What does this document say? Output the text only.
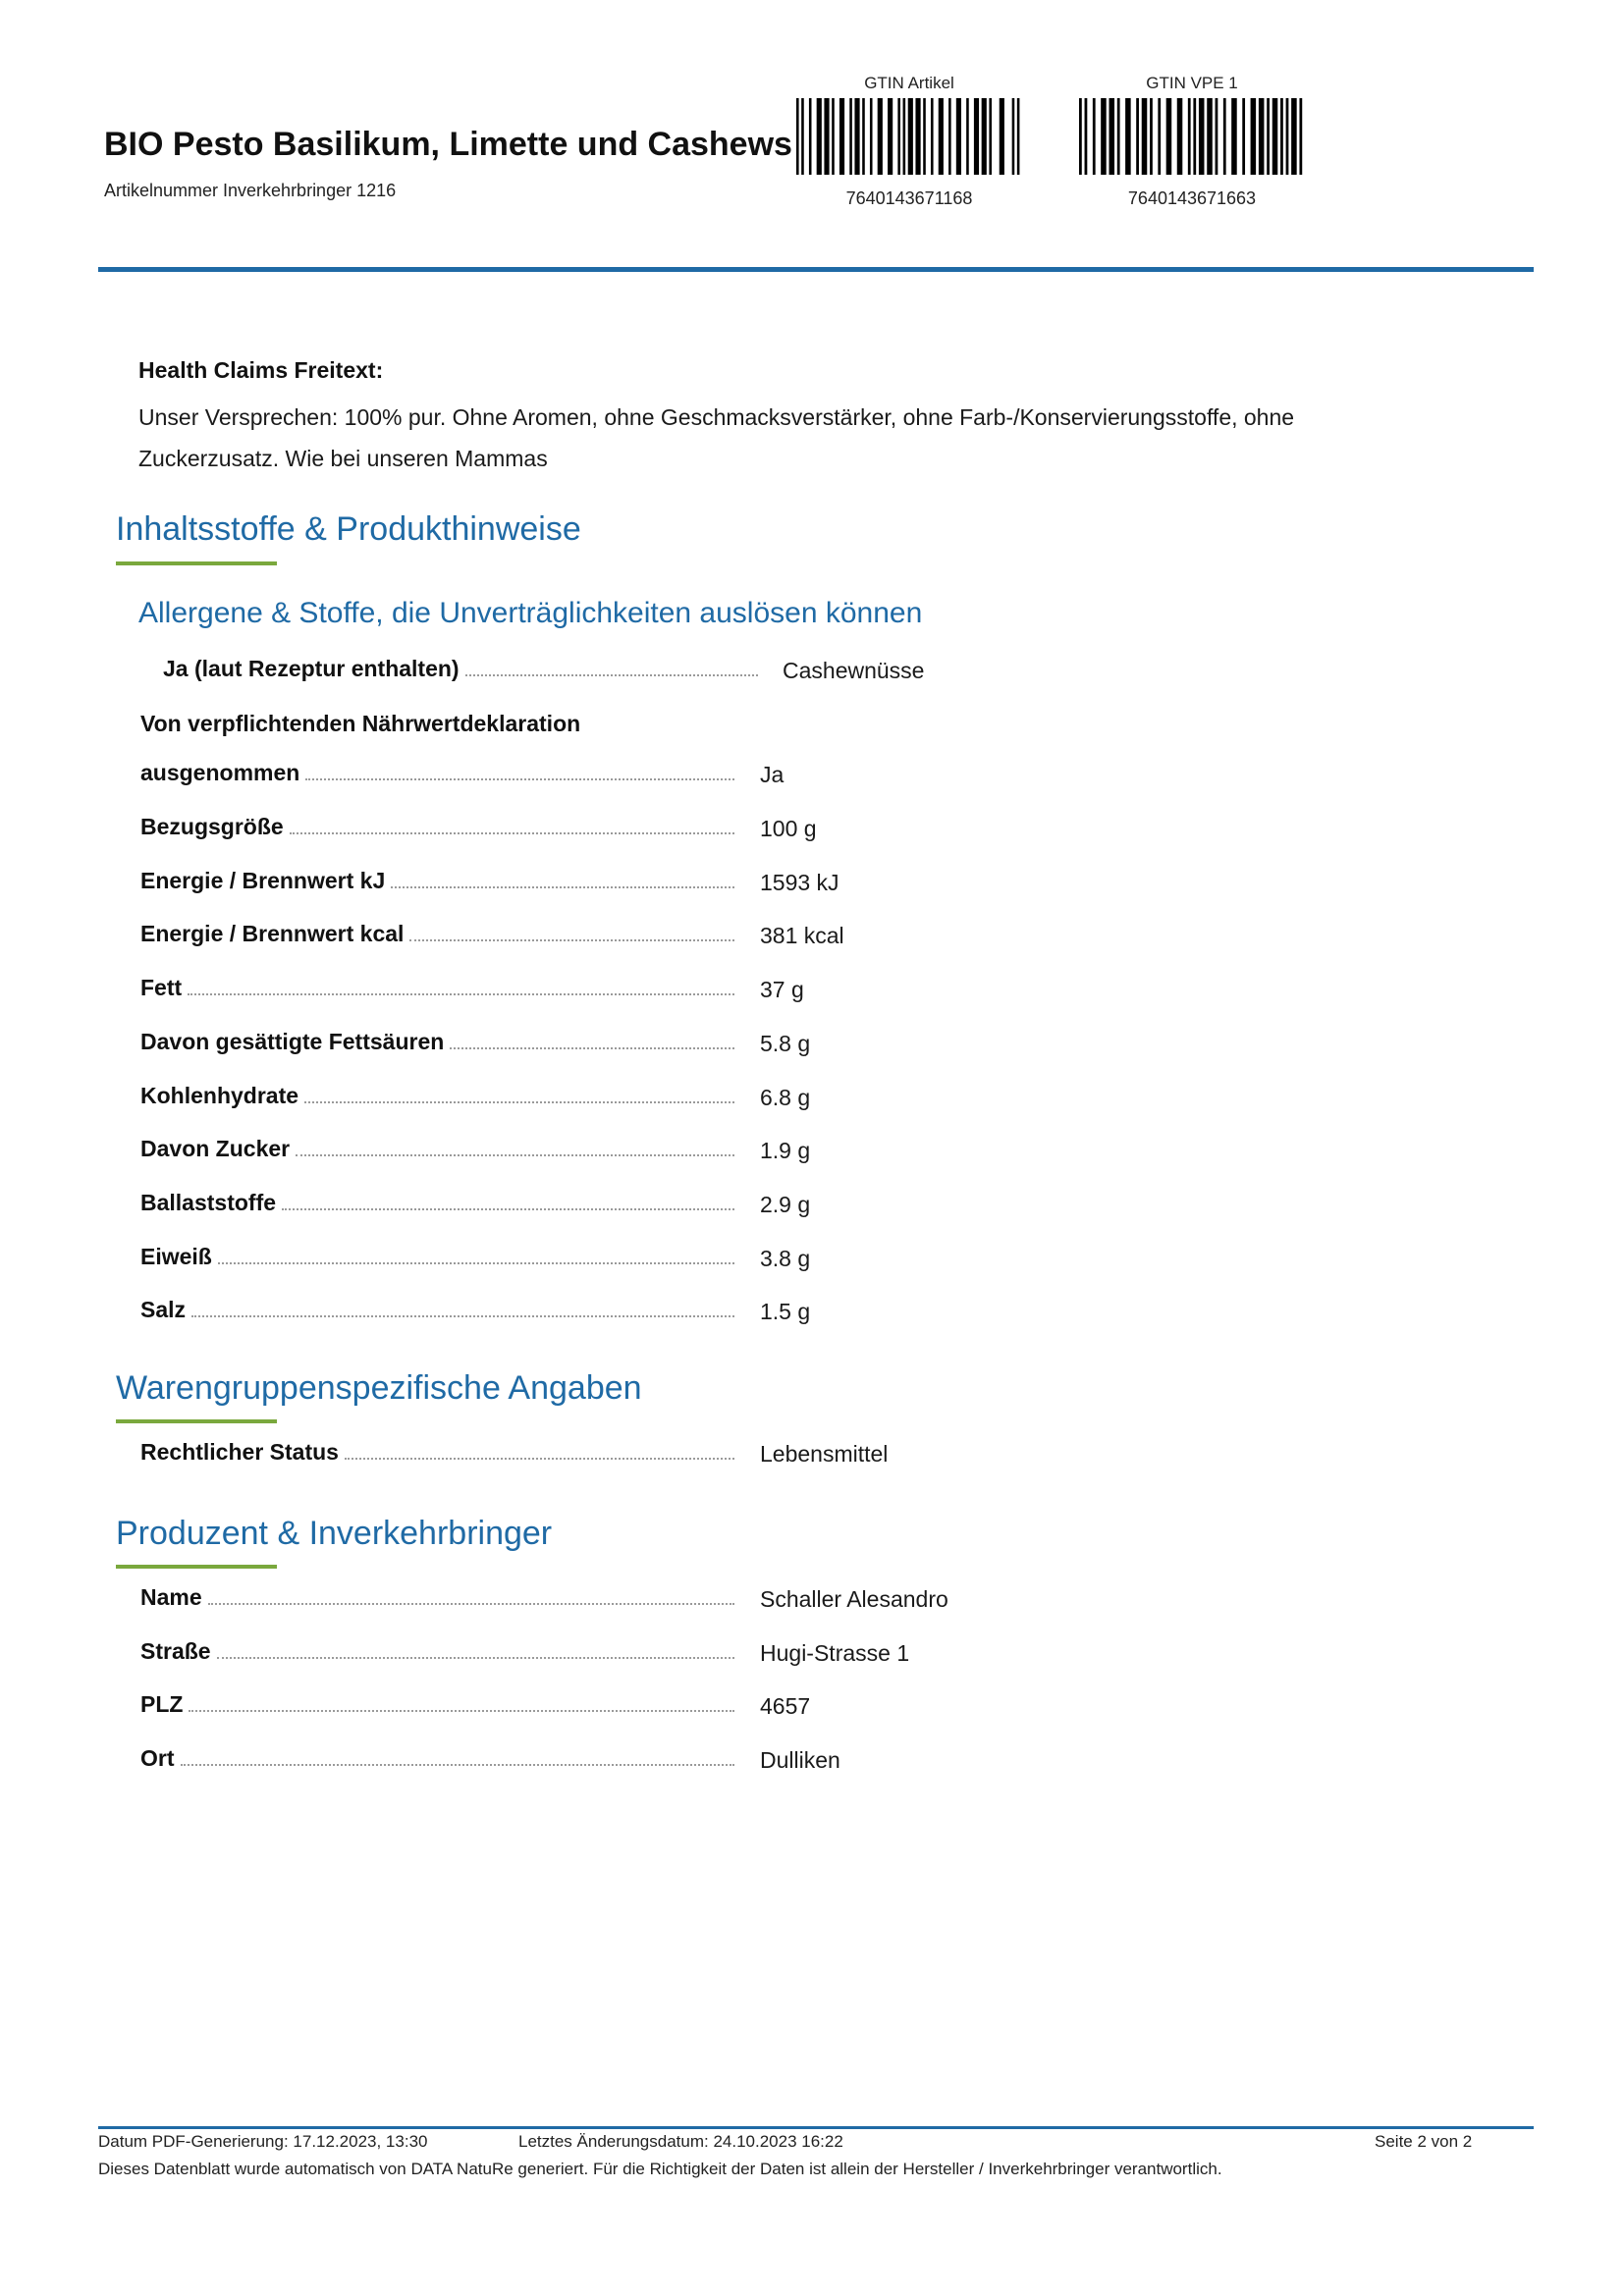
BIO Pesto Basilikum, Limette und Cashews
Artikelnummer Inverkehrbringer 1216
GTIN Artikel
7640143671168
GTIN VPE 1
7640143671663
Health Claims Freitext:
Unser Versprechen: 100% pur. Ohne Aromen, ohne Geschmacksverstärker, ohne Farb-/Konservierungsstoffe, ohne Zuckerzusatz. Wie bei unseren Mammas
Inhaltsstoffe & Produkthinweise
Allergene & Stoffe, die Unverträglichkeiten auslösen können
Ja (laut Rezeptur enthalten)	Cashewnüsse
Von verpflichtenden Nährwertdeklaration
ausgenommen	Ja
Bezugsgröße	100 g
Energie / Brennwert kJ	1593 kJ
Energie / Brennwert kcal	381 kcal
Fett	37 g
Davon gesättigte Fettsäuren	5.8 g
Kohlenhydrate	6.8 g
Davon Zucker	1.9 g
Ballaststoffe	2.9 g
Eiweiß	3.8 g
Salz	1.5 g
Warengruppenspezifische Angaben
Rechtlicher Status	Lebensmittel
Produzent & Inverkehrbringer
Name	Schaller Alesandro
Straße	Hugi-Strasse 1
PLZ	4657
Ort	Dulliken
Datum PDF-Generierung: 17.12.2023, 13:30	Letztes Änderungsdatum: 24.10.2023 16:22	Seite 2 von 2
Dieses Datenblatt wurde automatisch von DATA NatuRe generiert. Für die Richtigkeit der Daten ist allein der Hersteller / Inverkehrbringer verantwortlich.
